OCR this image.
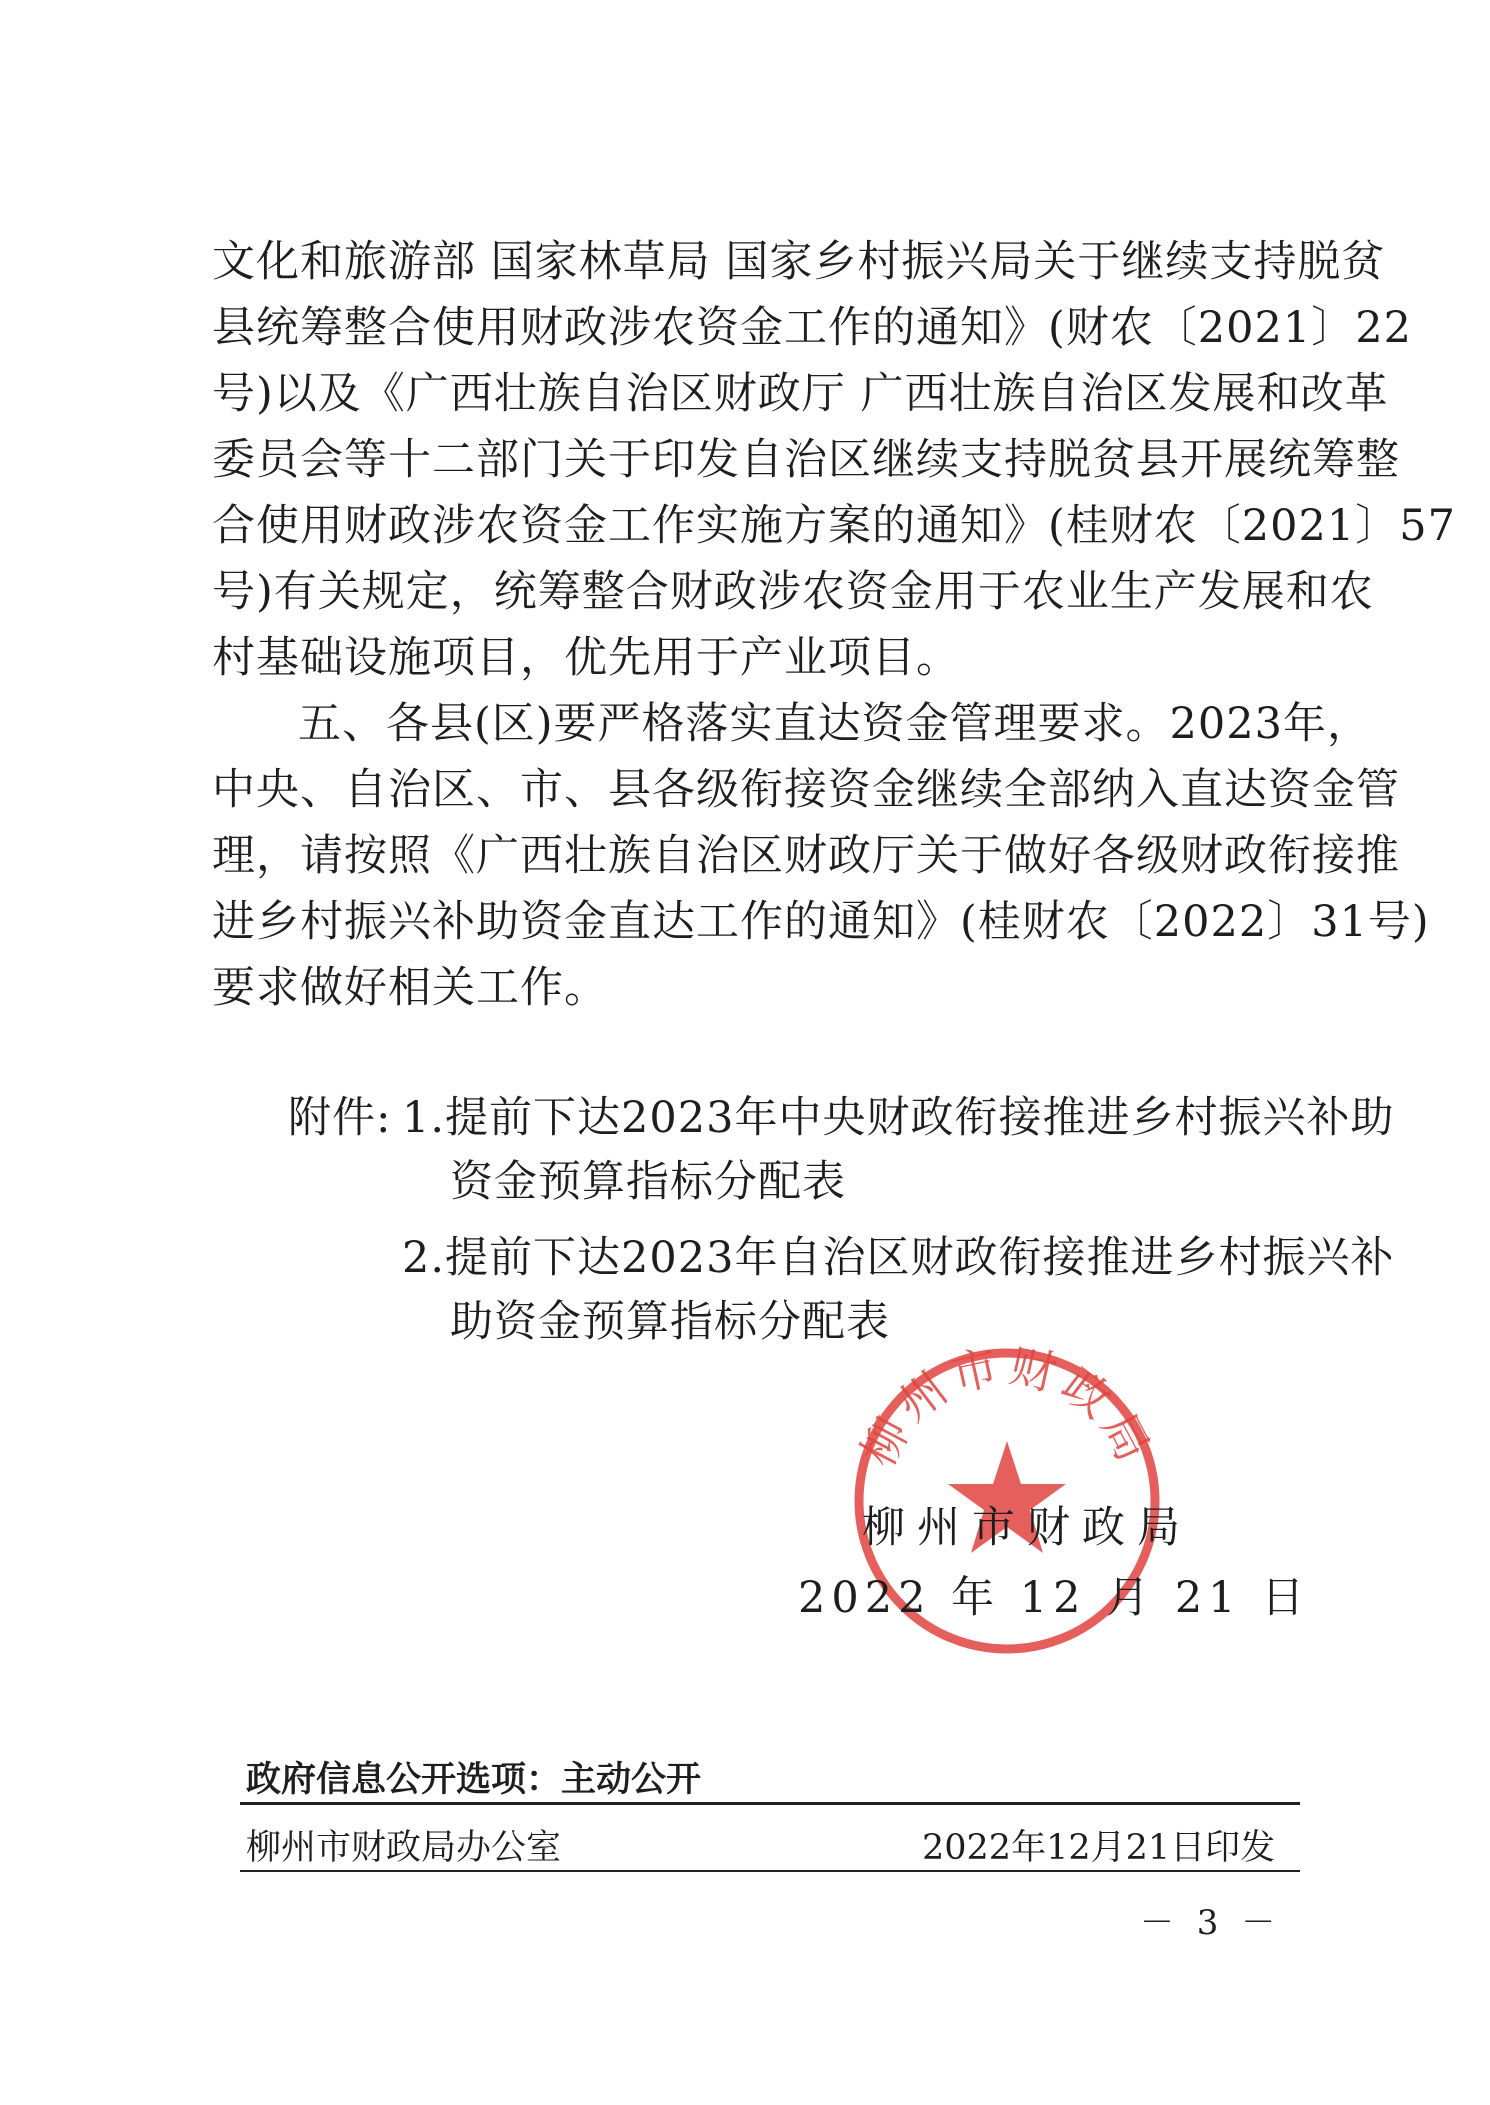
文化和旅游部 国家林草局 国家乡村振兴局关于继续支持脱贫
县统筹整合使用财政涉农资金工作的通知》(财农〔2021〕22
号)以及《广西壮族自治区财政厅 广西壮族自治区发展和改革
委员会等十二部门关于印发自治区继续支持脱贫县开展统筹整
合使用财政涉农资金工作实施方案的通知》(桂财农〔2021〕57
号)有关规定，统筹整合财政涉农资金用于农业生产发展和农
村基础设施项目，优先用于产业项目。
五、各县(区)要严格落实直达资金管理要求。2023年，
中央、自治区、市、县各级衔接资金继续全部纳入直达资金管
理，请按照《广西壮族自治区财政厅关于做好各级财政衔接推
进乡村振兴补助资金直达工作的通知》(桂财农〔2022〕31号)
要求做好相关工作。
附件: 1.提前下达2023年中央财政衔接推进乡村振兴补助
资金预算指标分配表
2.提前下达2023年自治区财政衔接推进乡村振兴补
助资金预算指标分配表
柳州市财政局
柳州市财政局
2022 年 12 月 21 日
政府信息公开选项：主动公开
柳州市财政局办公室	2022年12月21日印发
－ 3 －
